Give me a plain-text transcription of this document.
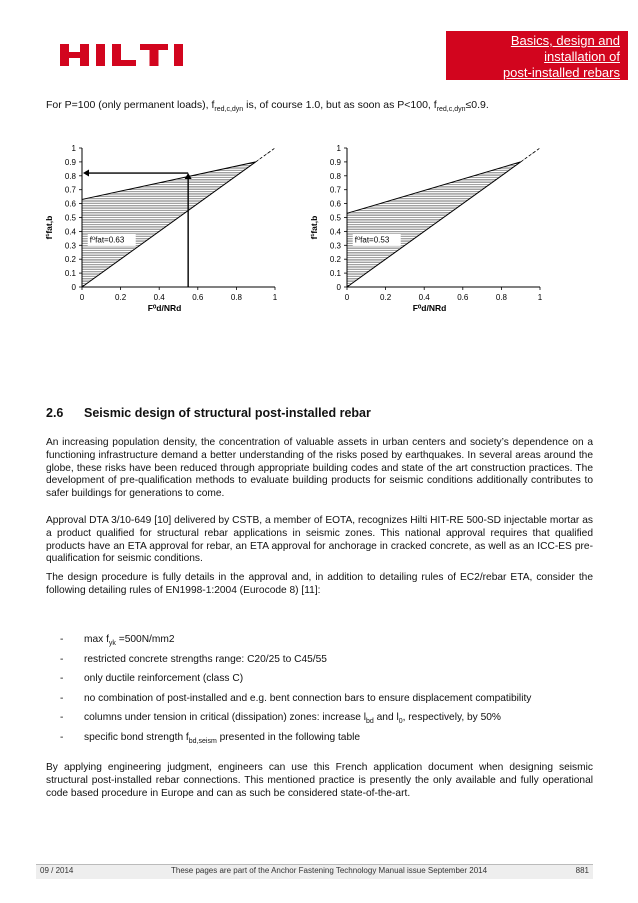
Basics, design and
installation of
post-installed rebars
For P=100 (only permanent loads), $f_{red,c,dyn}$ is, of course 1.0, but as soon as P<100, $f_{red,c,dyn}\le 0.9$.
0	0.2	0.4	0.6	0.8	1
0
0.1
0.2
0.3
0.4
0.5
0.6
0.7
0.8
0.9
1
f⁰fat=0.63
F⁰d/NRd
f¹fat,b
0	0.2	0.4	0.6	0.8	1
0
0.1
0.2
0.3
0.4
0.5
0.6
0.7
0.8
0.9
1
f⁰fat=0.53
F⁰d/NRd
f¹fat,b
2.6 Seismic design of structural post-installed rebar
An increasing population density, the concentration of valuable assets in urban centers and society’s dependence on a functioning infrastructure demand a better understanding of the risks posed by earthquakes. In several areas around the globe, these risks have been reduced through appropriate building codes and state of the art construction practices. The development of pre-qualification methods to evaluate building products for seismic conditions additionally contributes to safer buildings for generations to come.
Approval DTA 3/10-649 [10] delivered by CSTB, a member of EOTA, recognizes Hilti HIT-RE 500-SD injectable mortar as a product qualified for structural rebar applications in seismic zones. This national approval requires that qualified products have an ETA approval for rebar, an ETA approval for anchorage in cracked concrete, as well as an ICC-ES pre-qualification for seismic conditions.
The design procedure is fully details in the approval and, in addition to detailing rules of EC2/rebar ETA, consider the following detailing rules of EN1998-1:2004 (Eurocode 8) [11]:
- $\max f_{yk} =500N/mm2$
- restricted concrete strengths range: C20/25 to C45/55
- only ductile reinforcement (class C)
- no combination of post-installed and e.g. bent connection bars to ensure displacement compatibility
- columns under tension in critical (dissipation) zones: increase $l_{bd}$ and $l_0$, respectively, by 50%
- specific bond strength $f_{bd,seism}$ presented in the following table
By applying engineering judgment, engineers can use this French application document when designing seismic structural post-installed rebar connections. This mentioned practice is presently the only available and fully operational code based procedure in Europe and can as such be considered state-of-the-art.
09 / 2014	These pages are part of the Anchor Fastening Technology Manual issue September 2014	881
